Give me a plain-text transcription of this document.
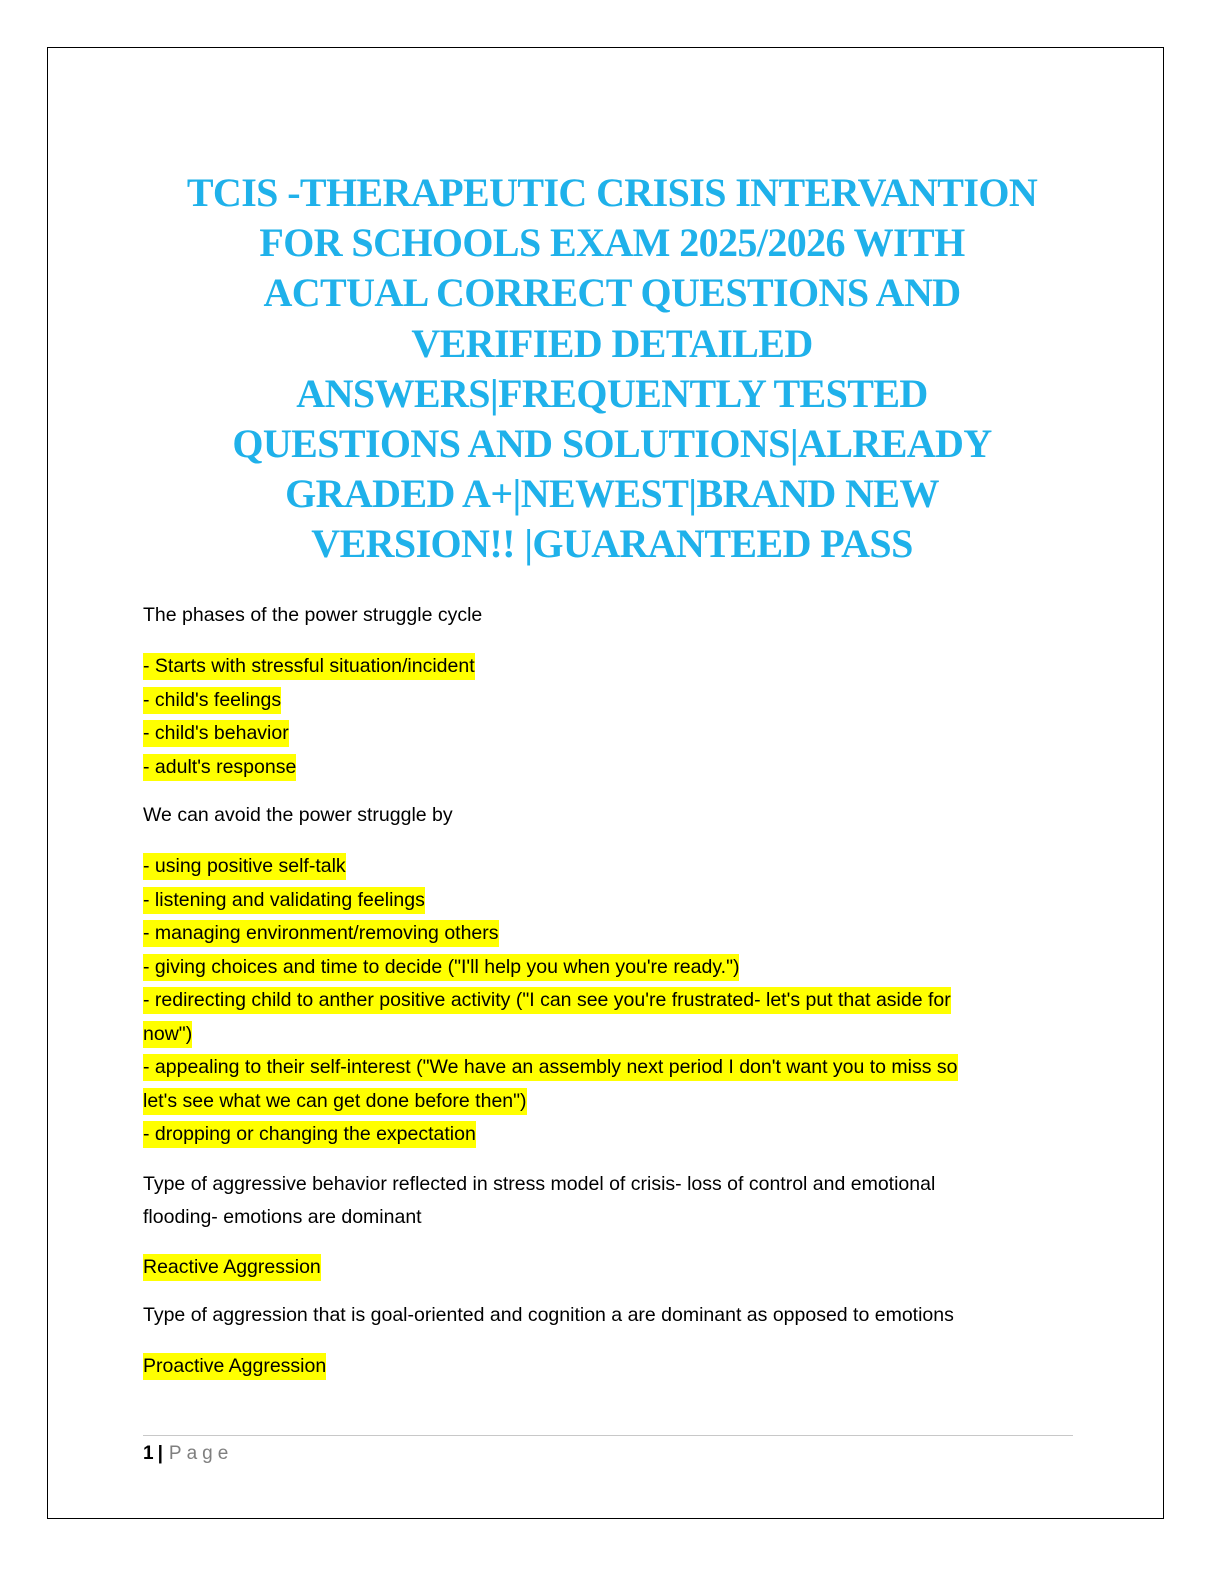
TCIS -THERAPEUTIC CRISIS INTERVANTION
FOR SCHOOLS EXAM 2025/2026 WITH
ACTUAL CORRECT QUESTIONS AND
VERIFIED DETAILED
ANSWERS|FREQUENTLY TESTED
QUESTIONS AND SOLUTIONS|ALREADY
GRADED A+|NEWEST|BRAND NEW
VERSION!! |GUARANTEED PASS
The phases of the power struggle cycle
- Starts with stressful situation/incident
- child's feelings
- child's behavior
- adult's response
We can avoid the power struggle by
- using positive self-talk
- listening and validating feelings
- managing environment/removing others
- giving choices and time to decide ("I'll help you when you're ready.")
- redirecting child to anther positive activity ("I can see you're frustrated- let's put that aside for
now")
- appealing to their self-interest ("We have an assembly next period I don't want you to miss so
let's see what we can get done before then")
- dropping or changing the expectation
Type of aggressive behavior reflected in stress model of crisis- loss of control and emotional
flooding- emotions are dominant
Reactive Aggression
Type of aggression that is goal-oriented and cognition a are dominant as opposed to emotions
Proactive Aggression
1 | Page
